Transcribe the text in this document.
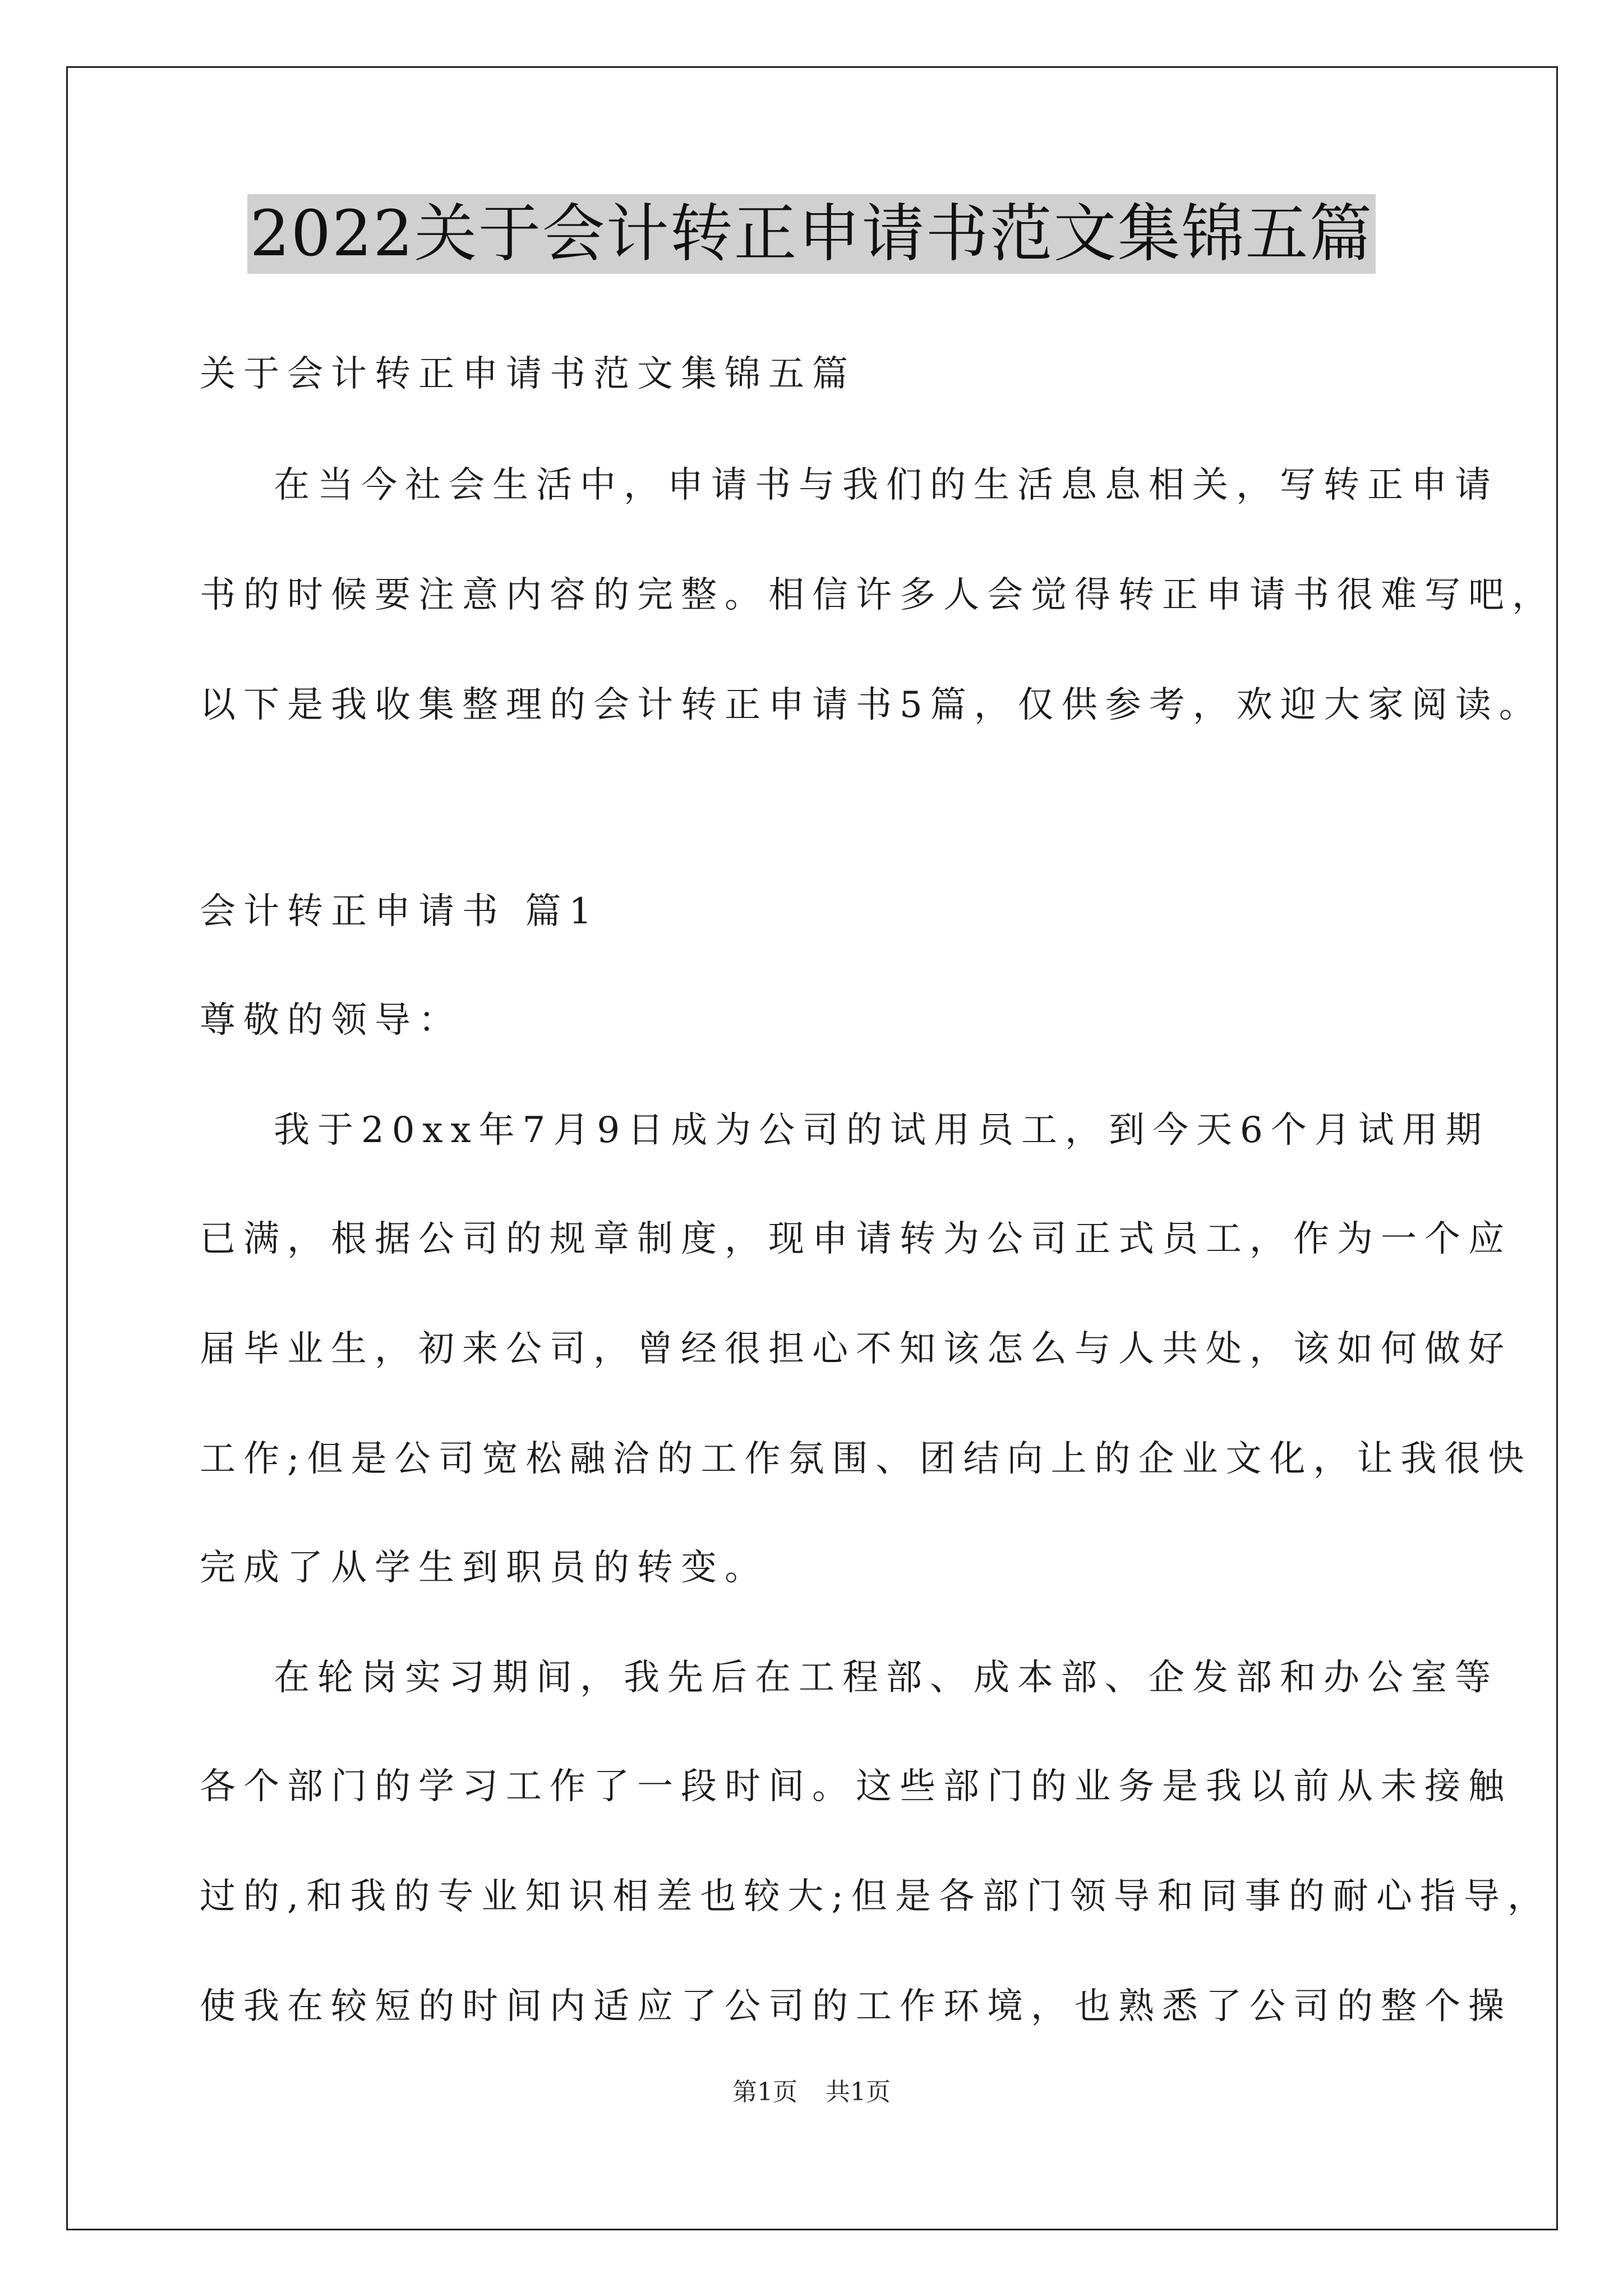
2022关于会计转正申请书范文集锦五篇
关于会计转正申请书范文集锦五篇
在当今社会生活中，申请书与我们的生活息息相关，写转正申请
书的时候要注意内容的完整。相信许多人会觉得转正申请书很难写吧，
以下是我收集整理的会计转正申请书5篇，仅供参考，欢迎大家阅读。
会计转正申请书 篇1
尊敬的领导：
我于20xx年7月9日成为公司的试用员工，到今天6个月试用期
已满，根据公司的规章制度，现申请转为公司正式员工，作为一个应
届毕业生，初来公司，曾经很担心不知该怎么与人共处，该如何做好
工作;但是公司宽松融洽的工作氛围、团结向上的企业文化，让我很快
完成了从学生到职员的转变。
在轮岗实习期间，我先后在工程部、成本部、企发部和办公室等
各个部门的学习工作了一段时间。这些部门的业务是我以前从未接触
过的,和我的专业知识相差也较大;但是各部门领导和同事的耐心指导，
使我在较短的时间内适应了公司的工作环境，也熟悉了公司的整个操
第1页 共1页
